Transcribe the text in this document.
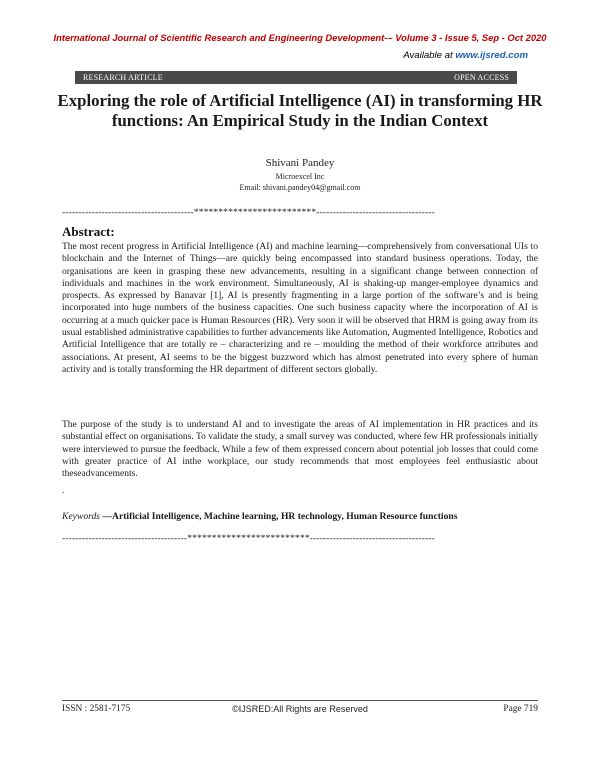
International Journal of Scientific Research and Engineering Development-– Volume 3 - Issue 5, Sep - Oct 2020
Available at www.ijsred.com
RESEARCH ARTICLE	OPEN ACCESS
Exploring the role of Artificial Intelligence (AI) in transforming HR functions: An Empirical Study in the Indian Context
Shivani Pandey
Microexcel Inc
Email: shivani.pandey04@gmail.com
----------------------------------------*************************------------------------------------
Abstract:

The most recent progress in Artificial Intelligence (AI) and machine learning—comprehensively from conversational UIs to blockchain and the Internet of Things—are quickly being encompassed into standard business operations. Today, the organisations are keen in grasping these new advancements, resulting in a significant change between connection of individuals and machines in the work environment. Simultaneously, AI is shaking-up manger-employee dynamics and prospects. As expressed by Banavar [1], AI is presently fragmenting in a large portion of the software’s and is being incorporated into huge numbers of the business capacities. One such business capacity where the incorporation of AI is occurring at a much quicker pace is Human Resources (HR). Very soon it will be observed that HRM is going away from its usual established administrative capabilities to further advancements like Automation, Augmented Intelligence, Robotics and Artificial Intelligence that are totally re – characterizing and re – moulding the method of their workforce attributes and associations. At present, AI seems to be the biggest buzzword which has almost penetrated into every sphere of human activity and is totally transforming the HR department of different sectors globally.

The purpose of the study is to understand AI and to investigate the areas of AI implementation in HR practices and its substantial effect on organisations. To validate the study, a small survey was conducted, where few HR professionals initially were interviewed to pursue the feedback. While a few of them expressed concern about potential job losses that could come with greater practice of AI inthe workplace, our study recommends that most employees feel enthusiastic about theseadvancements.

.
Keywords —Artificial Intelligence, Machine learning, HR technology, Human Resource functions
--------------------------------------*************************--------------------------------------
ISSN : 2581-7175	©IJSRED:All Rights are Reserved	Page 719
